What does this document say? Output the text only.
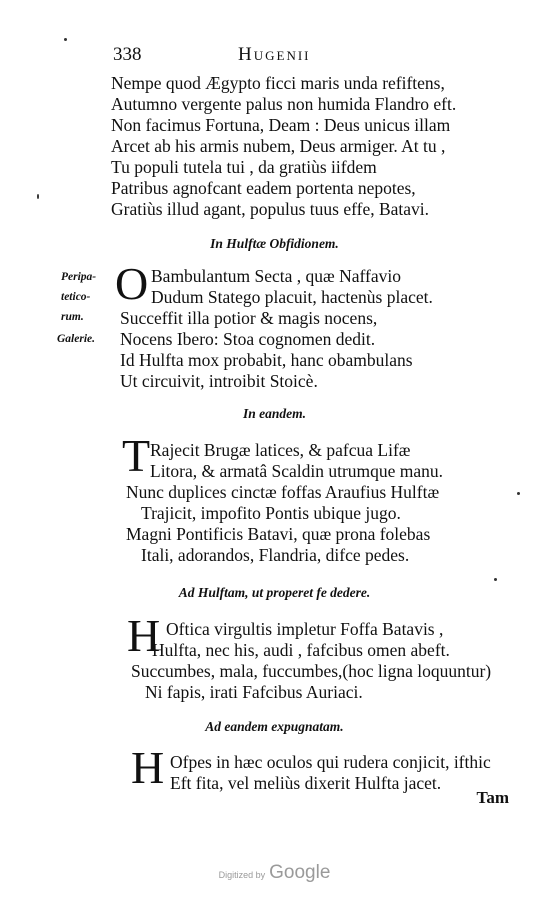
338	Hugenii
Nempe quod Ægypto ficci maris unda refiftens,
Autumno vergente palus non humida Flandro eft.
Non facimus Fortuna, Deam : Deus unicus illam
Arcet ab his armis nubem, Deus armiger. At tu ,
Tu populi tutela tui , da gratiùs iifdem
Patribus agnofcant eadem portenta nepotes,
Gratiùs illud agant, populus tuus effe, Batavi.
In Hulftæ Obfidionem.
Peripa-
tetico-
rum.
Galerie.
O Bambulantum Secta , quæ Naffavio
Dudum Statego placuit, hactenùs placet.
Succeffit illa potior & magis nocens,
Nocens Ibero: Stoa cognomen dedit.
Id Hulfta mox probabit, hanc obambulans
Ut circuivit, introibit Stoicè.
In eandem.
T Rajecit Brugæ latices, & pafcua Lifæ
Litora, & armatâ Scaldin utrumque manu.
Nunc duplices cinctæ foffas Araufius Hulftæ
Trajicit, impofito Pontis ubique jugo.
Magni Pontificis Batavi, quæ prona folebas
Itali, adorandos, Flandria, difce pedes.
Ad Hulftam, ut properet fe dedere.
H Oftica virgultis impletur Foffa Batavis ,
Hulfta, nec his, audi , fafcibus omen abeft.
Succumbes, mala, fuccumbes,(hoc ligna loquuntur)
Ni fapis, irati Fafcibus Auriaci.
Ad eandem expugnatam.
H Ofpes in hæc oculos qui rudera conjicit, ifthic
Eft fita, vel meliùs dixerit Hulfta jacet.
Tam
Digitized by Google
